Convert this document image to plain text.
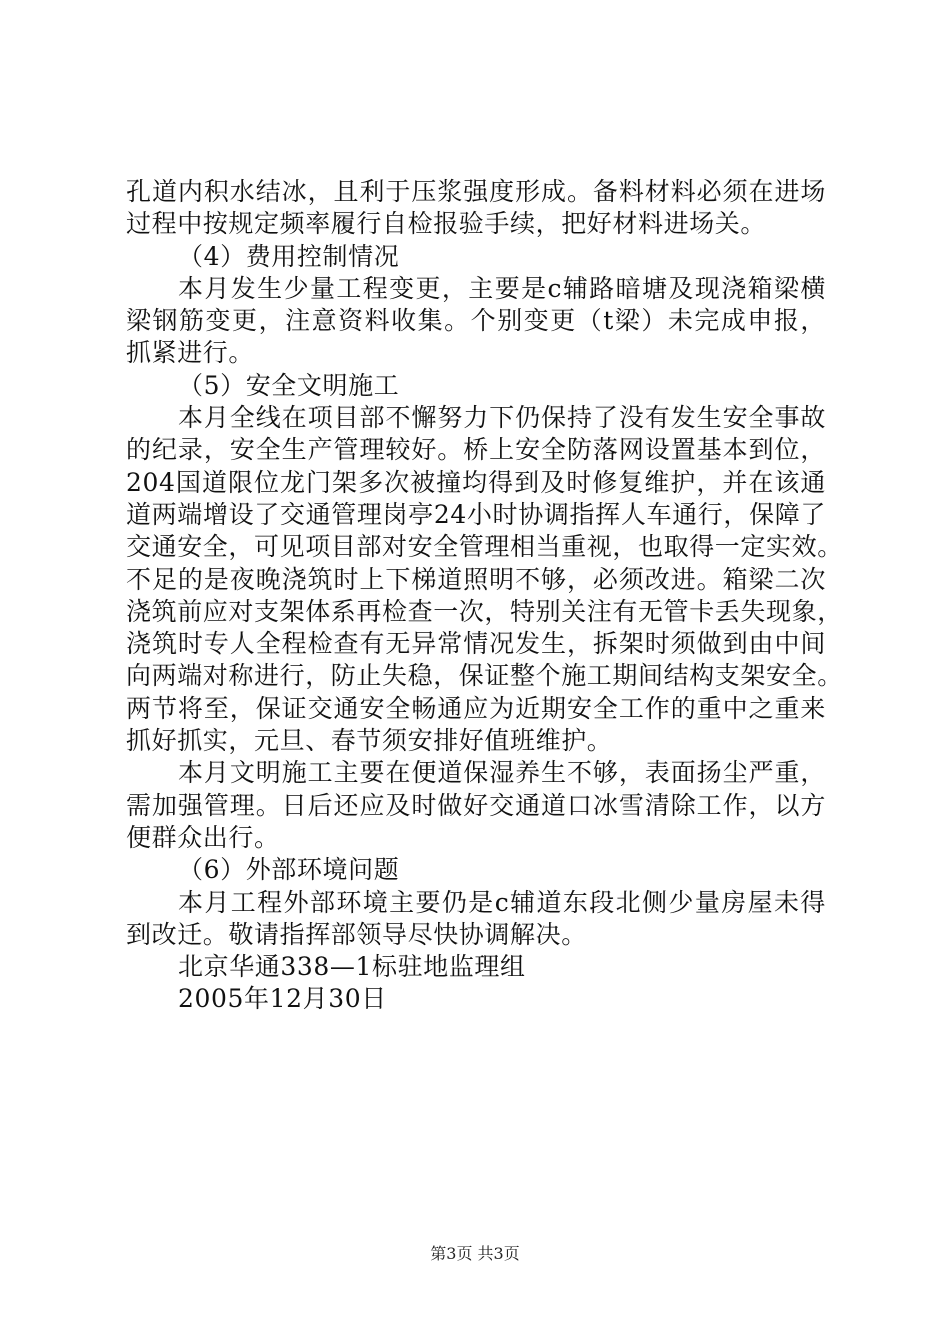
孔道内积水结冰，且利于压浆强度形成。备料材料必须在进场
过程中按规定频率履行自检报验手续，把好材料进场关。
（4）费用控制情况
本月发生少量工程变更，主要是c辅路暗塘及现浇箱梁横
梁钢筋变更，注意资料收集。个别变更（t梁）未完成申报，
抓紧进行。
（5）安全文明施工
本月全线在项目部不懈努力下仍保持了没有发生安全事故
的纪录，安全生产管理较好。桥上安全防落网设置基本到位，
204国道限位龙门架多次被撞均得到及时修复维护，并在该通
道两端增设了交通管理岗亭24小时协调指挥人车通行，保障了
交通安全，可见项目部对安全管理相当重视，也取得一定实效。
不足的是夜晚浇筑时上下梯道照明不够，必须改进。箱梁二次
浇筑前应对支架体系再检查一次，特别关注有无管卡丢失现象，
浇筑时专人全程检查有无异常情况发生，拆架时须做到由中间
向两端对称进行，防止失稳，保证整个施工期间结构支架安全。
两节将至，保证交通安全畅通应为近期安全工作的重中之重来
抓好抓实，元旦、春节须安排好值班维护。
本月文明施工主要在便道保湿养生不够，表面扬尘严重，
需加强管理。日后还应及时做好交通道口冰雪清除工作，以方
便群众出行。
（6）外部环境问题
本月工程外部环境主要仍是c辅道东段北侧少量房屋未得
到改迁。敬请指挥部领导尽快协调解决。
北京华通338—1标驻地监理组
2005年12月30日
第3页 共3页
